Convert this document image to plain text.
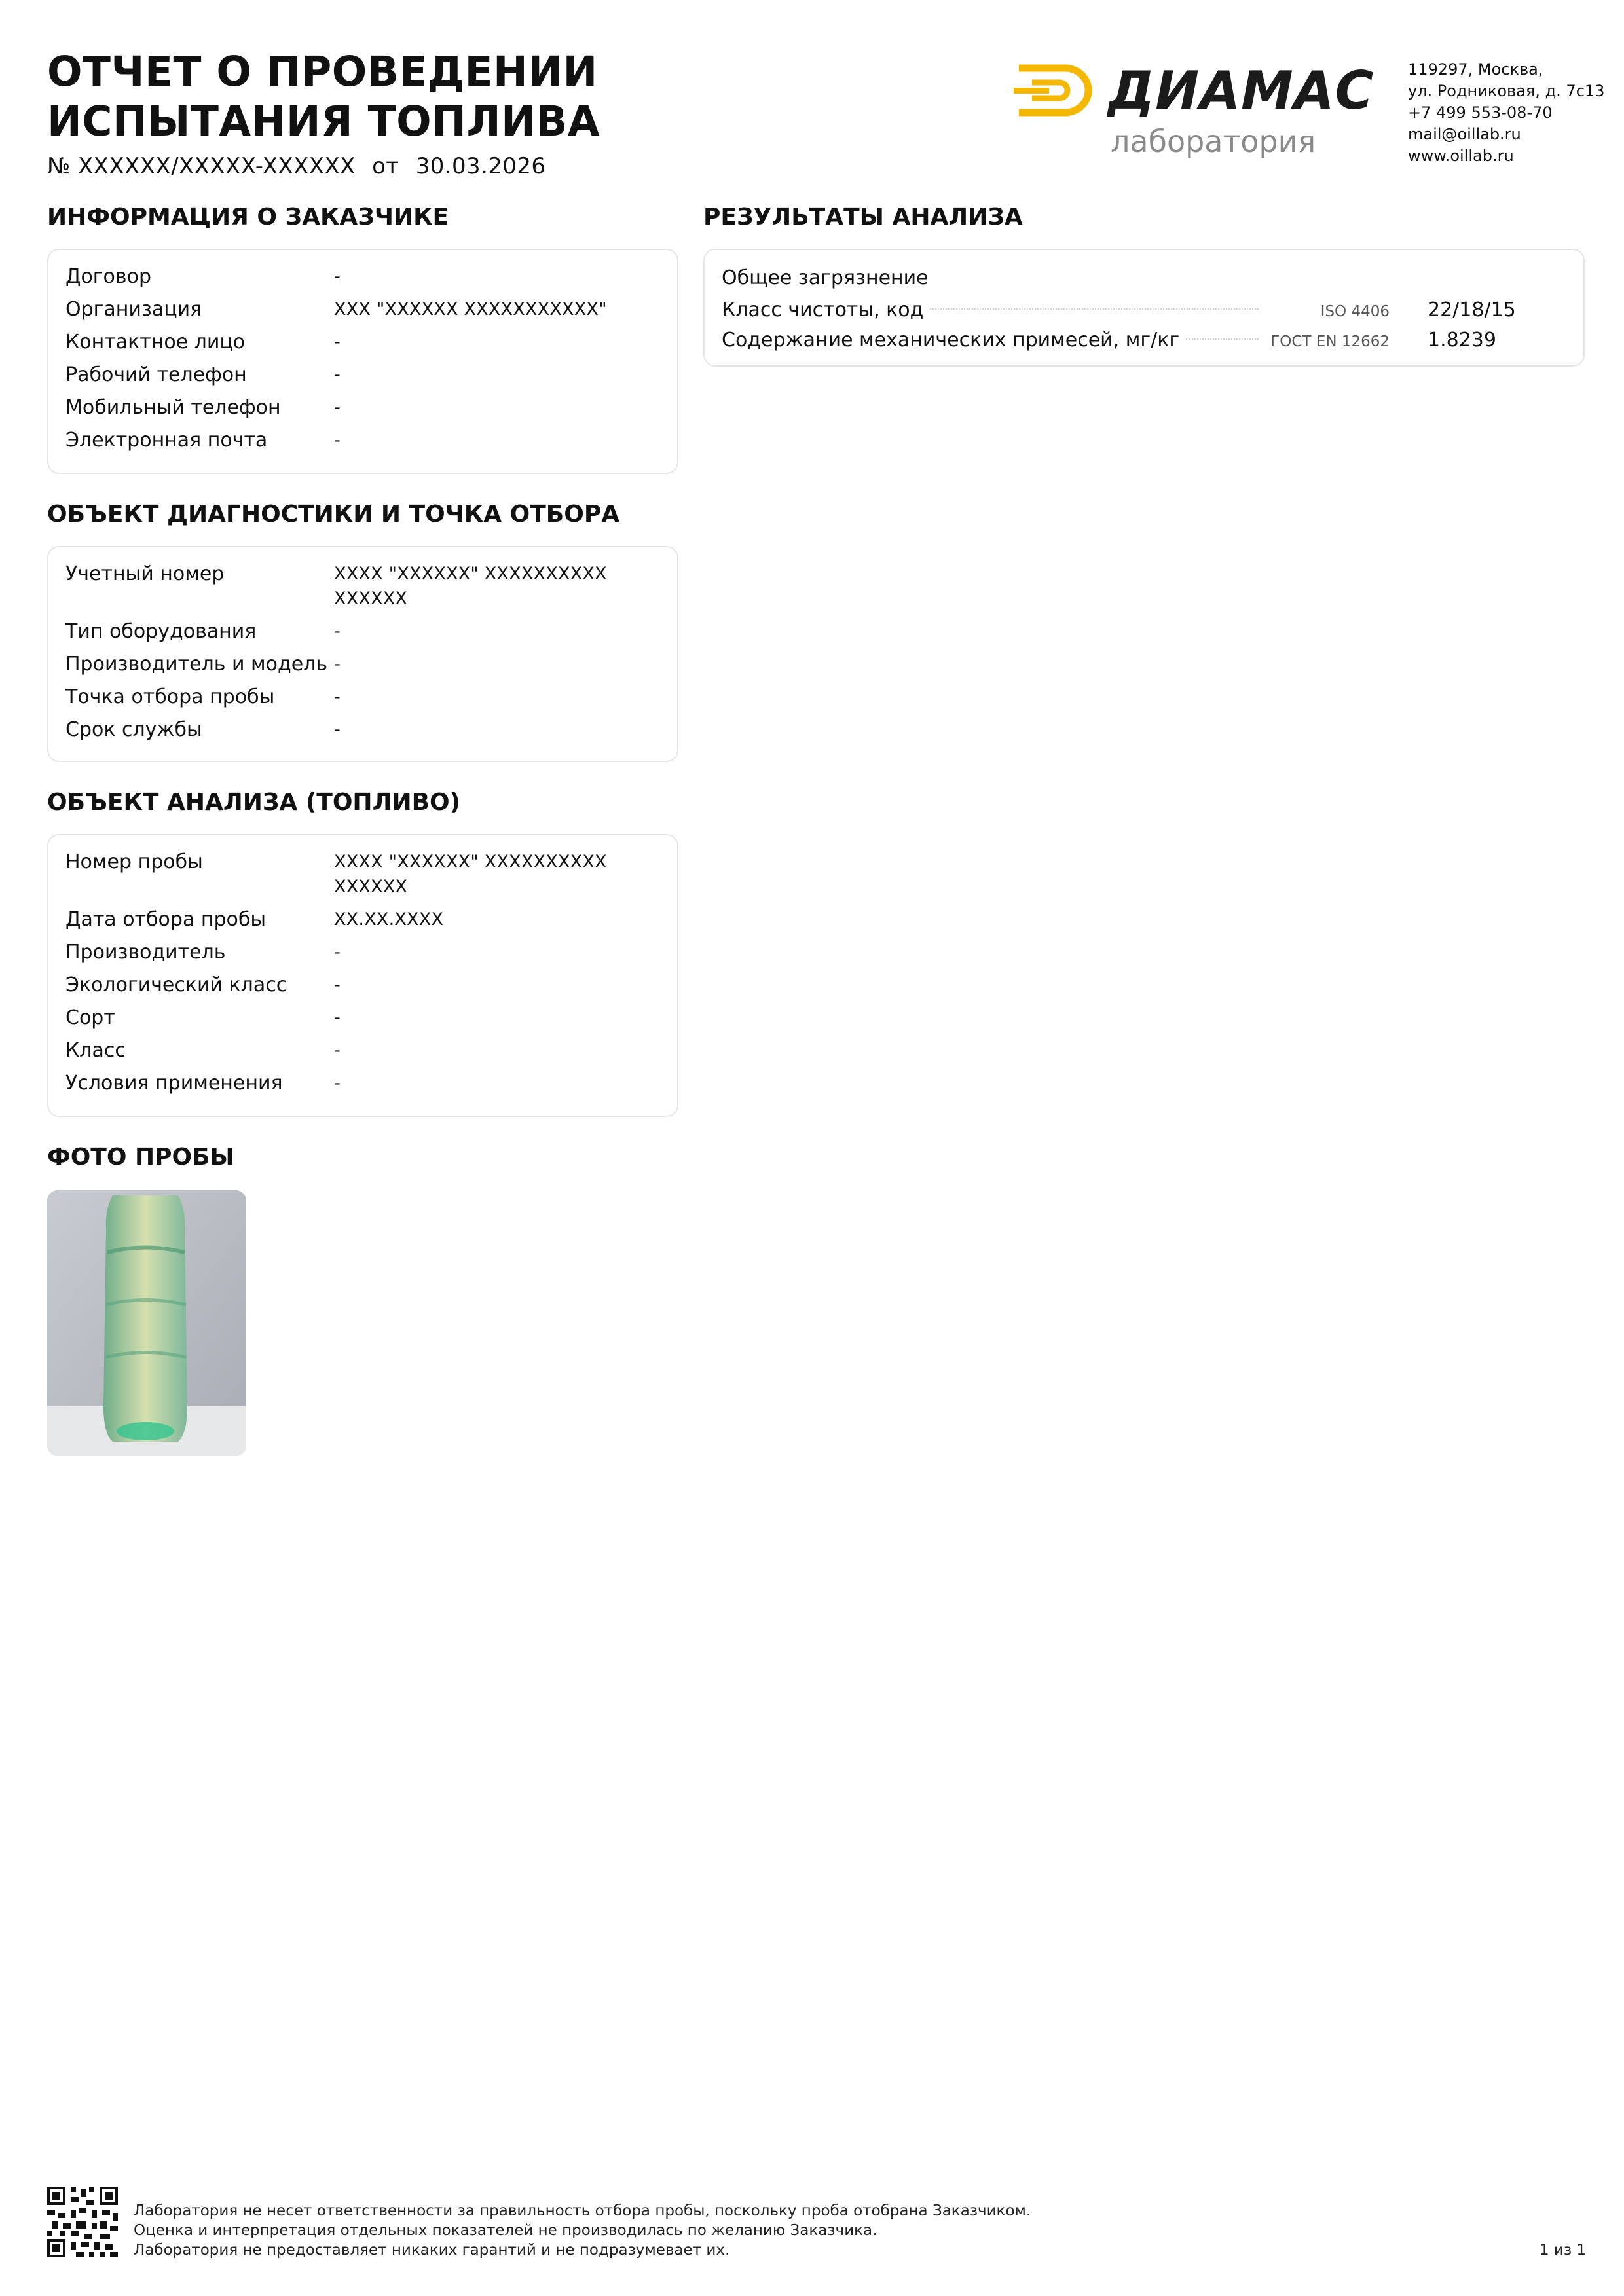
ОТЧЕТ О ПРОВЕДЕНИИ
ИСПЫТАНИЯ ТОПЛИВА
№ XXXXXX/XXXXX-XXXXXX от 30.03.2026
ДИАМАС
лаборатория
119297, Москва,
ул. Родниковая, д. 7с13
+7 499 553-08-70
mail@oillab.ru
www.oillab.ru
ИНФОРМАЦИЯ О ЗАКАЗЧИКЕ
Договор	-
Организация	XXX "XXXXXX XXXXXXXXXXX"
Контактное лицо	-
Рабочий телефон	-
Мобильный телефон	-
Электронная почта	-
ОБЪЕКТ ДИАГНОСТИКИ И ТОЧКА ОТБОРА
Учетный номер	XXXX "XXXXXX" XXXXXXXXXX XXXXXX
Тип оборудования	-
Производитель и модель -
Точка отбора пробы	-
Срок службы	-
ОБЪЕКТ АНАЛИЗА (ТОПЛИВО)
Номер пробы	XXXX "XXXXXX" XXXXXXXXXX XXXXXX
Дата отбора пробы	XX.XX.XXXX
Производитель	-
Экологический класс	-
Сорт	-
Класс	-
Условия применения	-
РЕЗУЛЬТАТЫ АНАЛИЗА
Общее загрязнение
Класс чистоты, код	ISO 4406	22/18/15
Содержание механических примесей, мг/кг	ГОСТ EN 12662	1.8239
ФОТО ПРОБЫ
Лаборатория не несет ответственности за правильность отбора пробы, поскольку проба отобрана Заказчиком.
Оценка и интерпретация отдельных показателей не производилась по желанию Заказчика.
Лаборатория не предоставляет никаких гарантий и не подразумевает их.	1 из 1
